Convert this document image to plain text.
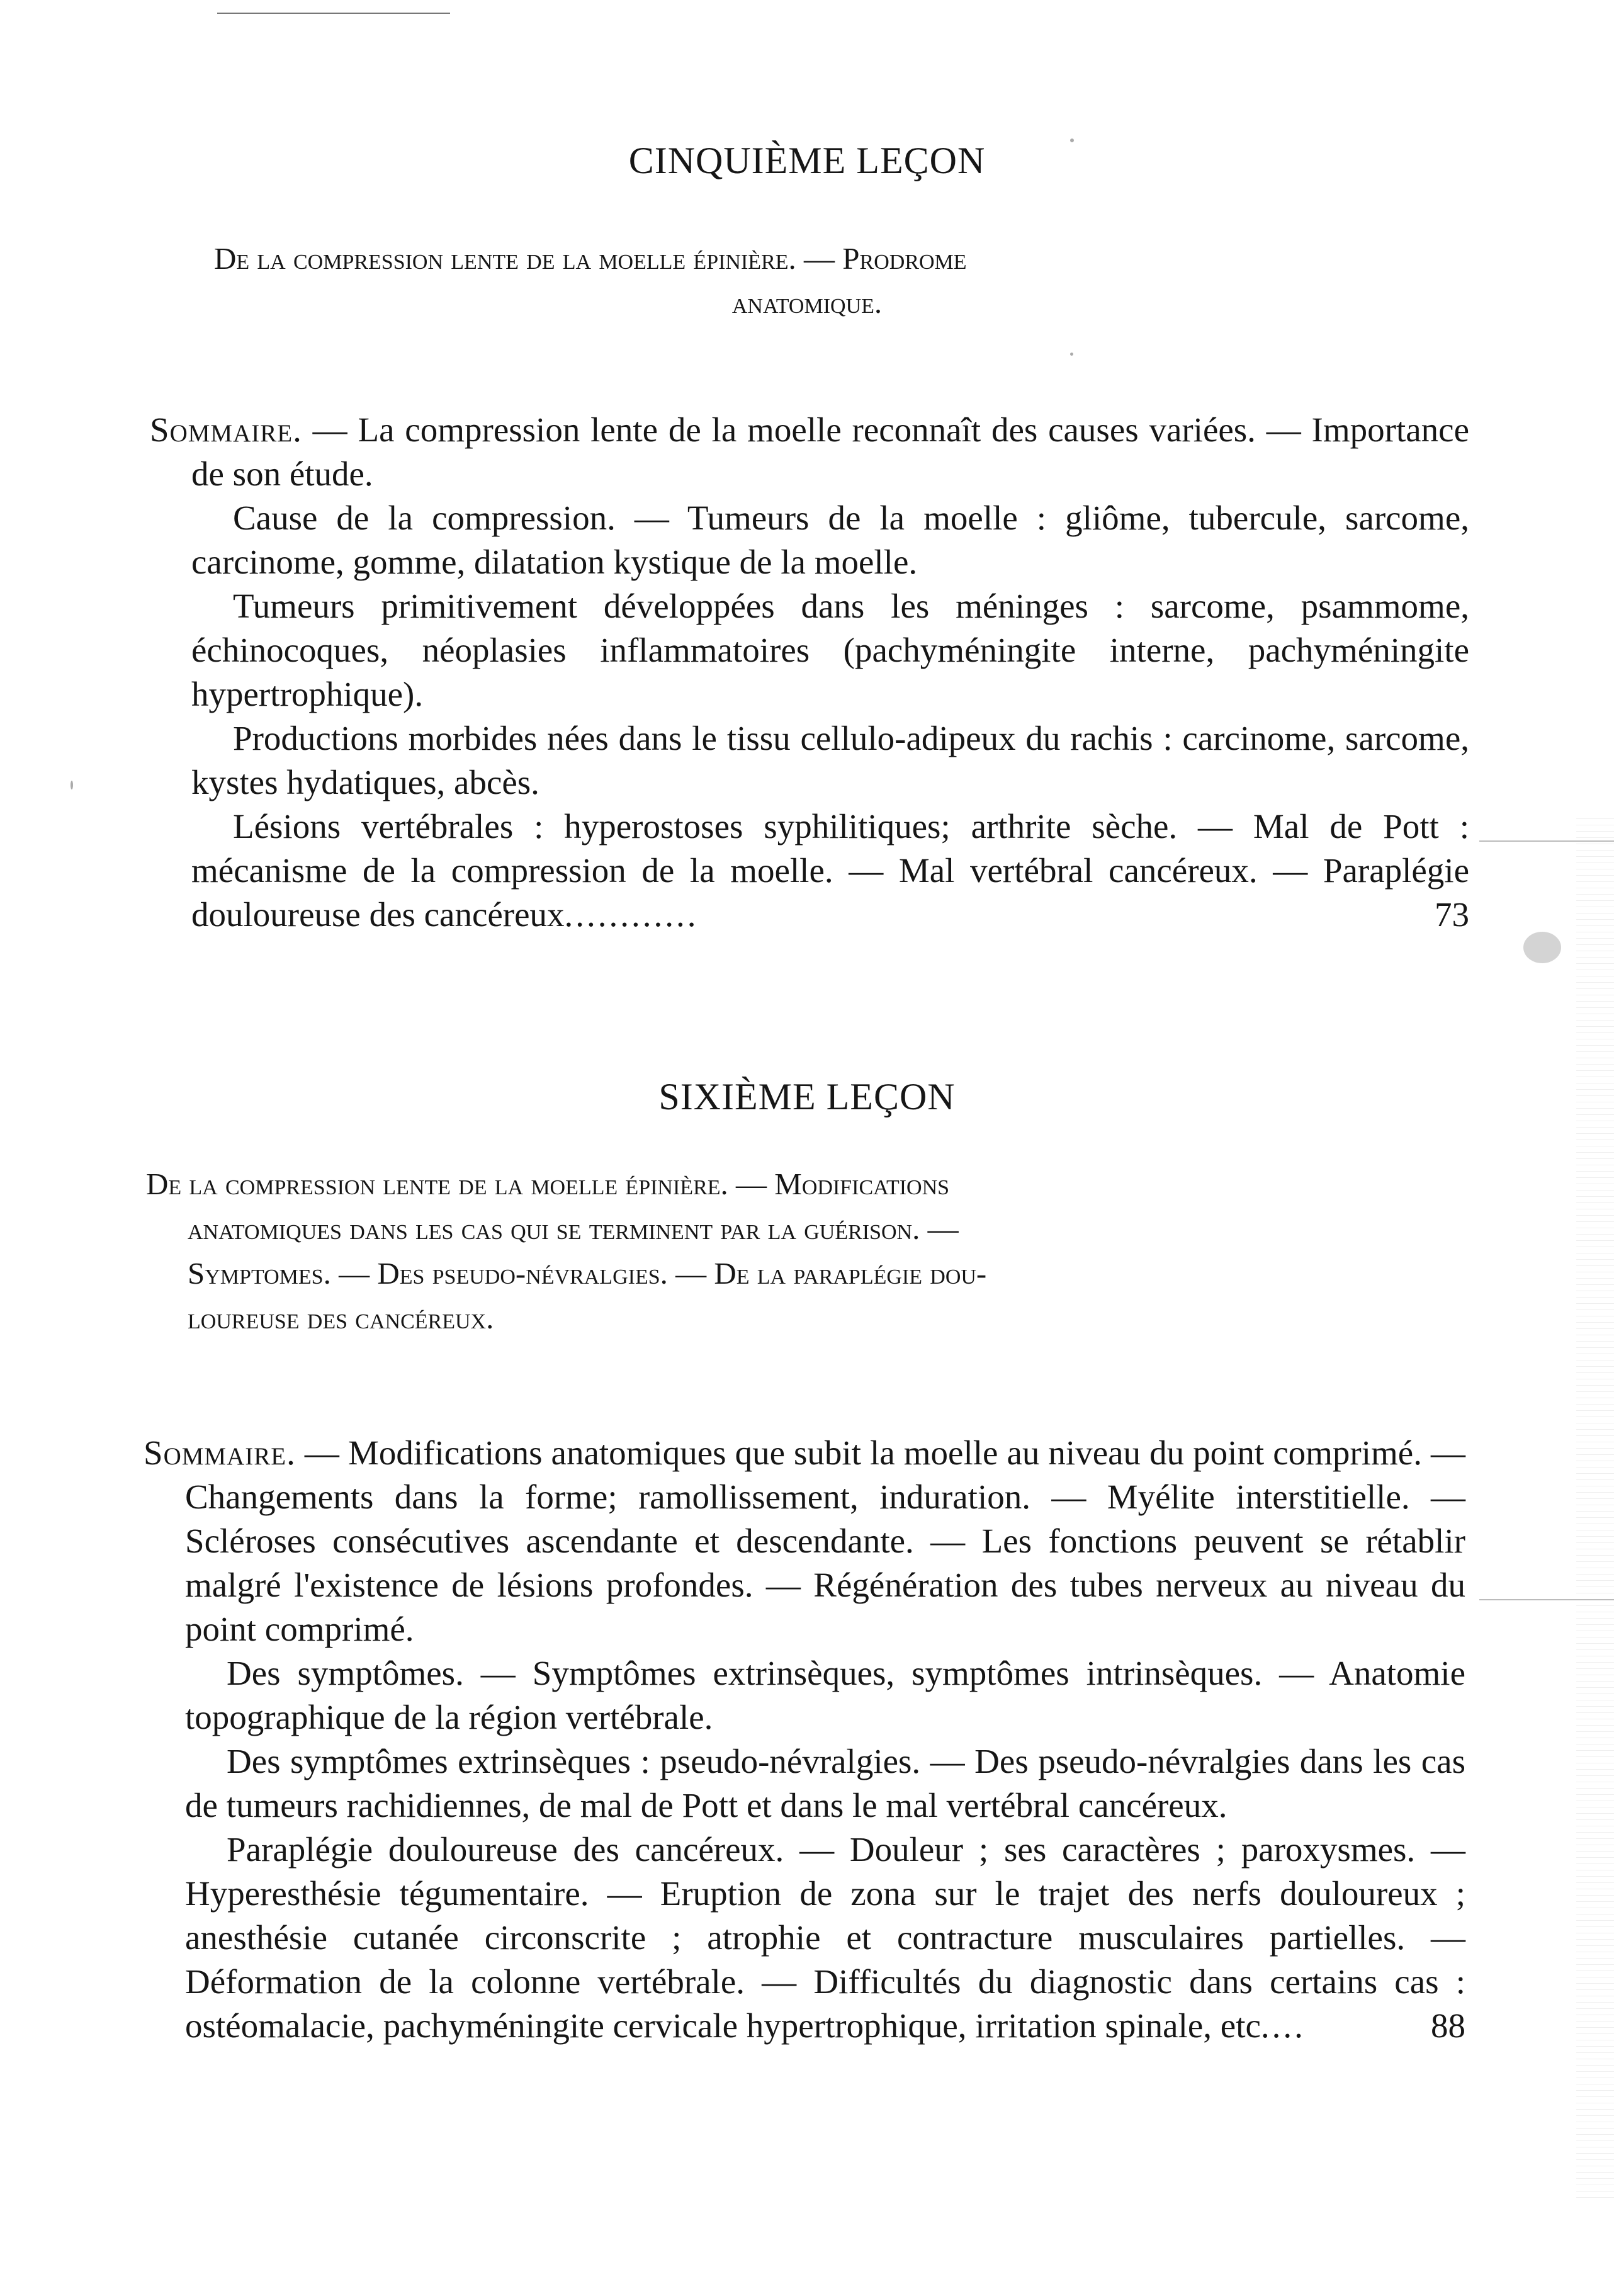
CINQUIÈME LEÇON
De la compression lente de la moelle épinière. — Prodrome
anatomique.

Sommaire. — La compression lente de la moelle reconnaît des causes variées. — Importance de son étude.

Cause de la compression. — Tumeurs de la moelle : gliôme, tubercule, sarcome, carcinome, gomme, dilatation kystique de la moelle.

Tumeurs primitivement développées dans les méninges : sarcome, psammome, échinocoques, néoplasies inflammatoires (pachyméningite interne, pachyméningite hypertrophique).

Productions morbides nées dans le tissu cellulo-adipeux du rachis : carcinome, sarcome, kystes hydatiques, abcès.

Lésions vertébrales : hyperostoses syphilitiques; arthrite sèche. — Mal de Pott : mécanisme de la compression de la moelle. — Mal vertébral cancéreux. — Paraplégie douloureuse des cancéreux............	73

SIXIÈME LEÇON
De la compression lente de la moelle épinière. — Modifications
anatomiques dans les cas qui se terminent par la guérison. —
Symptomes. — Des pseudo-névralgies. — De la paraplégie dou-
loureuse des cancéreux.

Sommaire. — Modifications anatomiques que subit la moelle au niveau du point comprimé. — Changements dans la forme; ramollissement, induration. — Myélite interstitielle. — Scléroses consécutives ascendante et descendante. — Les fonctions peuvent se rétablir malgré l'existence de lésions profondes. — Régénération des tubes nerveux au niveau du point comprimé.

Des symptômes. — Symptômes extrinsèques, symptômes intrinsèques. — Anatomie topographique de la région vertébrale.

Des symptômes extrinsèques : pseudo-névralgies. — Des pseudo-névralgies dans les cas de tumeurs rachidiennes, de mal de Pott et dans le mal vertébral cancéreux.

Paraplégie douloureuse des cancéreux. — Douleur ; ses caractères ; paroxysmes. — Hyperesthésie tégumentaire. — Eruption de zona sur le trajet des nerfs douloureux ; anesthésie cutanée circonscrite ; atrophie et contracture musculaires partielles. — Déformation de la colonne vertébrale. — Difficultés du diagnostic dans certains cas : ostéomalacie, pachyméningite cervicale hypertrophique, irritation spinale, etc....	88
